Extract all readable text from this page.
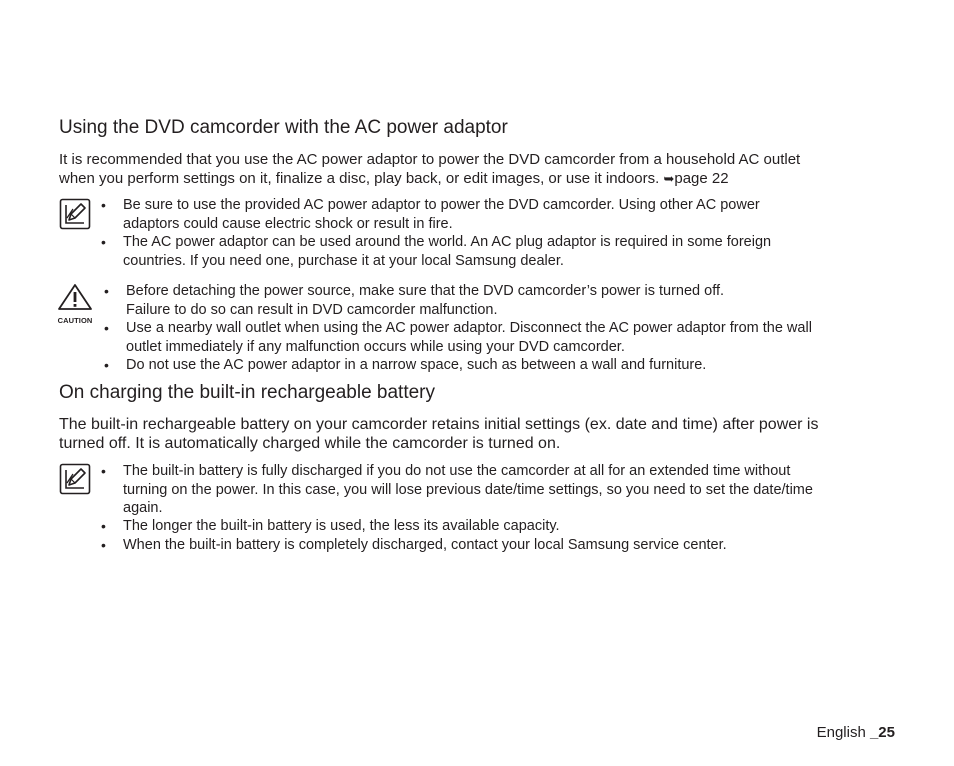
Using the DVD camcorder with the AC power adaptor
It is recommended that you use the AC power adaptor to power the DVD camcorder from a household AC outlet
when you perform settings on it, finalize a disc, play back, or edit images, or use it indoors. ➥page 22
• Be sure to use the provided AC power adaptor to power the DVD camcorder. Using other AC power
adaptors could cause electric shock or result in fire.
• The AC power adaptor can be used around the world. An AC plug adaptor is required in some foreign
countries. If you need one, purchase it at your local Samsung dealer.
CAUTION
• Before detaching the power source, make sure that the DVD camcorder’s power is turned off.
Failure to do so can result in DVD camcorder malfunction.
• Use a nearby wall outlet when using the AC power adaptor. Disconnect the AC power adaptor from the wall
outlet immediately if any malfunction occurs while using your DVD camcorder.
• Do not use the AC power adaptor in a narrow space, such as between a wall and furniture.
On charging the built-in rechargeable battery
The built-in rechargeable battery on your camcorder retains initial settings (ex. date and time) after power is
turned off. It is automatically charged while the camcorder is turned on.
• The built-in battery is fully discharged if you do not use the camcorder at all for an extended time without
turning on the power. In this case, you will lose previous date/time settings, so you need to set the date/time
again.
• The longer the built-in battery is used, the less its available capacity.
• When the built-in battery is completely discharged, contact your local Samsung service center.
English _25
